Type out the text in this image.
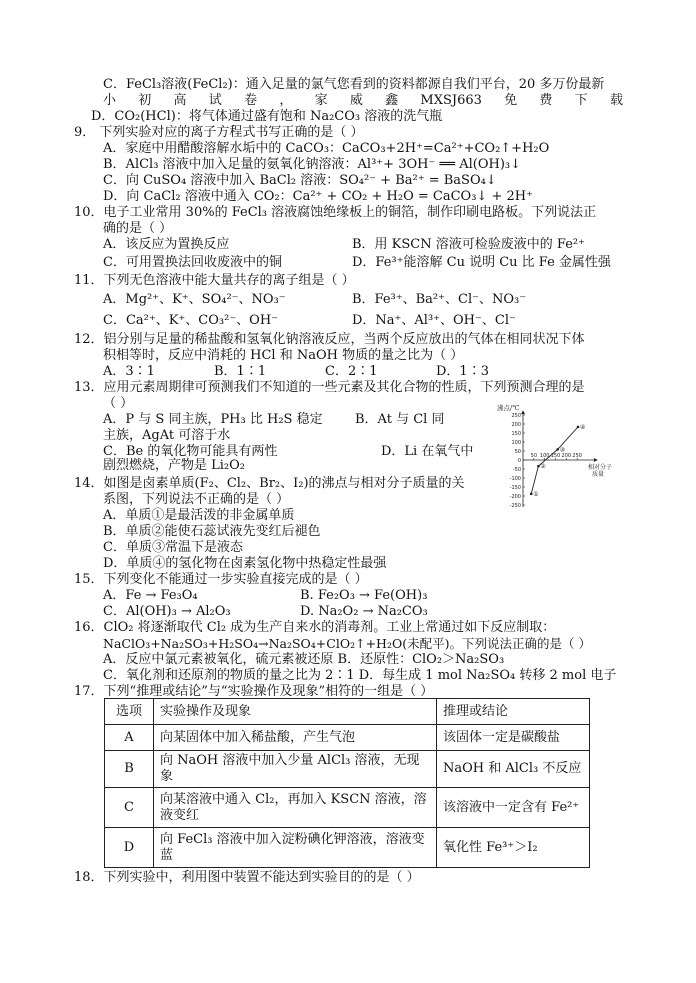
C．FeCl₃溶液(FeCl₂)：通入足量的氯气您看到的资料都源自我们平台，20 多万份最新
小 初 高 试 卷 ， 家 威 鑫 MXSJ663 免 费 下 载
D．CO₂(HCl)：将气体通过盛有饱和 Na₂CO₃ 溶液的洗气瓶
9． 下列实验对应的离子方程式书写正确的是（ ）
A．家庭中用醋酸溶解水垢中的 CaCO₃：CaCO₃+2H⁺=Ca²⁺+CO₂↑+H₂O
B．AlCl₃ 溶液中加入足量的氨氧化钠溶液：Al³⁺+ 3OH⁻ ══ Al(OH)₃↓
C．向 CuSO₄ 溶液中加入 BaCl₂ 溶液：SO₄²⁻ + Ba²⁺ = BaSO₄↓
D．向 CaCl₂ 溶液中通入 CO₂：Ca²⁺ + CO₂ + H₂O = CaCO₃↓ + 2H⁺
10．电子工业常用 30%的 FeCl₃ 溶液腐蚀绝缘板上的铜箔，制作印刷电路板。下列说法正
确的是（ ）
A．该反应为置换反应	B．用 KSCN 溶液可检验废液中的 Fe²⁺
C．可用置换法回收废液中的铜	D．Fe³⁺能溶解 Cu 说明 Cu 比 Fe 金属性强
11．下列无色溶液中能大量共存的离子组是（ ）
A．Mg²⁺、K⁺、SO₄²⁻、NO₃⁻	B．Fe³⁺、Ba²⁺、Cl⁻、NO₃⁻
C．Ca²⁺、K⁺、CO₃²⁻、OH⁻	D．Na⁺、Al³⁺、OH⁻、Cl⁻
12．铝分别与足量的稀盐酸和氢氧化钠溶液反应，当两个反应放出的气体在相同状况下体
积相等时，反应中消耗的 HCl 和 NaOH 物质的量之比为（ ）
A．3∶1	B．1∶1	C．2∶1	D．1∶3
13．应用元素周期律可预测我们不知道的一些元素及其化合物的性质，下列预测合理的是
（ ）
A．P 与 S 同主族，PH₃ 比 H₂S 稳定 B．At 与 Cl 同
主族，AgAt 可溶于水
C．Be 的氧化物可能具有两性	D．Li 在氧气中
剧烈燃烧，产物是 Li₂O₂
14．如图是卤素单质(F₂、Cl₂、Br₂、I₂)的沸点与相对分子质量的关
系图，下列说法不正确的是（ ）
A．单质①是最活泼的非金属单质
B．单质②能使石蕊试液先变红后褪色
C．单质③常温下是液态
D．单质④的氢化物在卤素氢化物中热稳定性最强
沸点/℃
250
200
150
100
50
0
-50
-100
-150
-200
-250
50 100 150 200 250
①
②
③
④
相对分子质量
15．下列变化不能通过一步实验直接完成的是（ ）
A．Fe → Fe₃O₄	B. Fe₂O₃ → Fe(OH)₃
C．Al(OH)₃ → Al₂O₃	D. Na₂O₂ → Na₂CO₃
16．ClO₂ 将逐渐取代 Cl₂ 成为生产自来水的消毒剂。工业上常通过如下反应制取：
NaClO₃+Na₂SO₃+H₂SO₄→Na₂SO₄+ClO₂↑+H₂O(未配平)。下列说法正确的是（ ）
A．反应中氯元素被氧化，硫元素被还原 B．还原性：ClO₂＞Na₂SO₃
C．氧化剂和还原剂的物质的量之比为 2∶1 D．每生成 1 mol Na₂SO₄ 转移 2 mol 电子
17．下列“推理或结论”与“实验操作及现象”相符的一组是（ ）
选项	实验操作及现象	推理或结论
A	向某固体中加入稀盐酸，产生气泡	该固体一定是碳酸盐
B	向 NaOH 溶液中加入少量 AlCl₃ 溶液，无现象	NaOH 和 AlCl₃ 不反应
C	向某溶液中通入 Cl₂，再加入 KSCN 溶液，溶液变红	该溶液中一定含有 Fe²⁺
D	向 FeCl₃ 溶液中加入淀粉碘化钾溶液，溶液变蓝	氧化性 Fe³⁺＞I₂
18．下列实验中，利用图中装置不能达到实验目的的是（ ）
